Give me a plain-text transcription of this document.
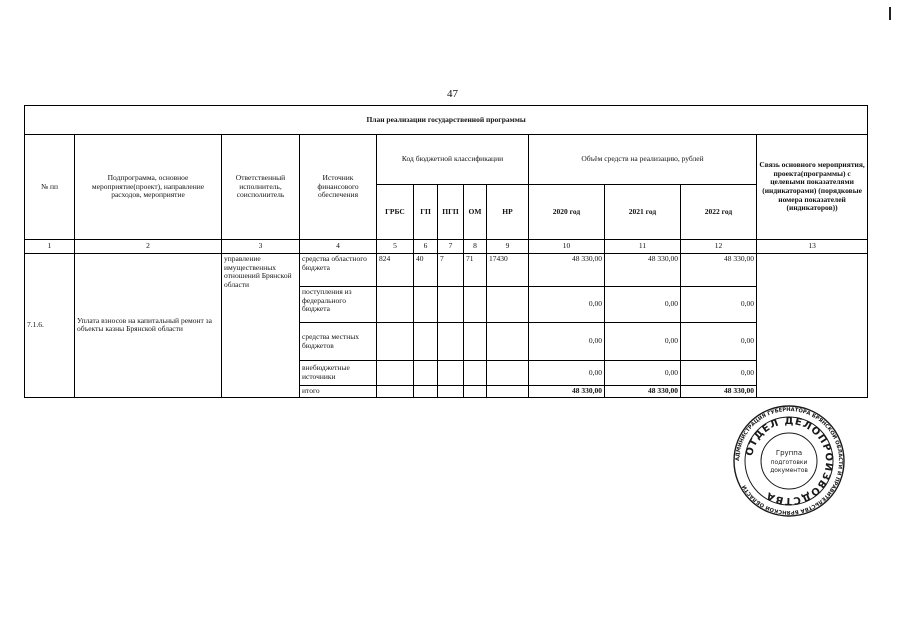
47
План реализации государственной программы												
№ пп	Подпрограмма, основное мероприятие(проект), направление расходов, мероприятие	Ответственный исполнитель, соисполнитель	Источник финансового обеспечения	Код бюджетной классификации					Объём средств на реализацию, рублей			Связь основного мероприятия, проекта(программы) с целевыми показателями (индикаторами) (порядковые номера показателей (индикаторов))
				ГРБС	ГП	ПГП	ОМ	НР	2020 год	2021 год	2022 год	
1	2	3	4	5	6	7	8	9	10	11	12	13
7.1.6.	Уплата взносов на капитальный ремонт за объекты казны Брянской области	управление имущественных отношений Брянской области	средства областного бюджета	824	40	7	71	17430	48 330,00	48 330,00	48 330,00	
			поступления из федерального бюджета						0,00	0,00	0,00	
			средства местных бюджетов						0,00	0,00	0,00	
			внебюджетные источники						0,00	0,00	0,00	
			итого						48 330,00	48 330,00	48 330,00	
АДМИНИСТРАЦИЯ ГУБЕРНАТОРА БРЯНСКОЙ ОБЛАСТИ И ПРАВИТЕЛЬСТВА БРЯНСКОЙ ОБЛАСТИ
ОТДЕЛ ДЕЛОПРОИЗВОДСТВА
Группа
подготовки
документов
